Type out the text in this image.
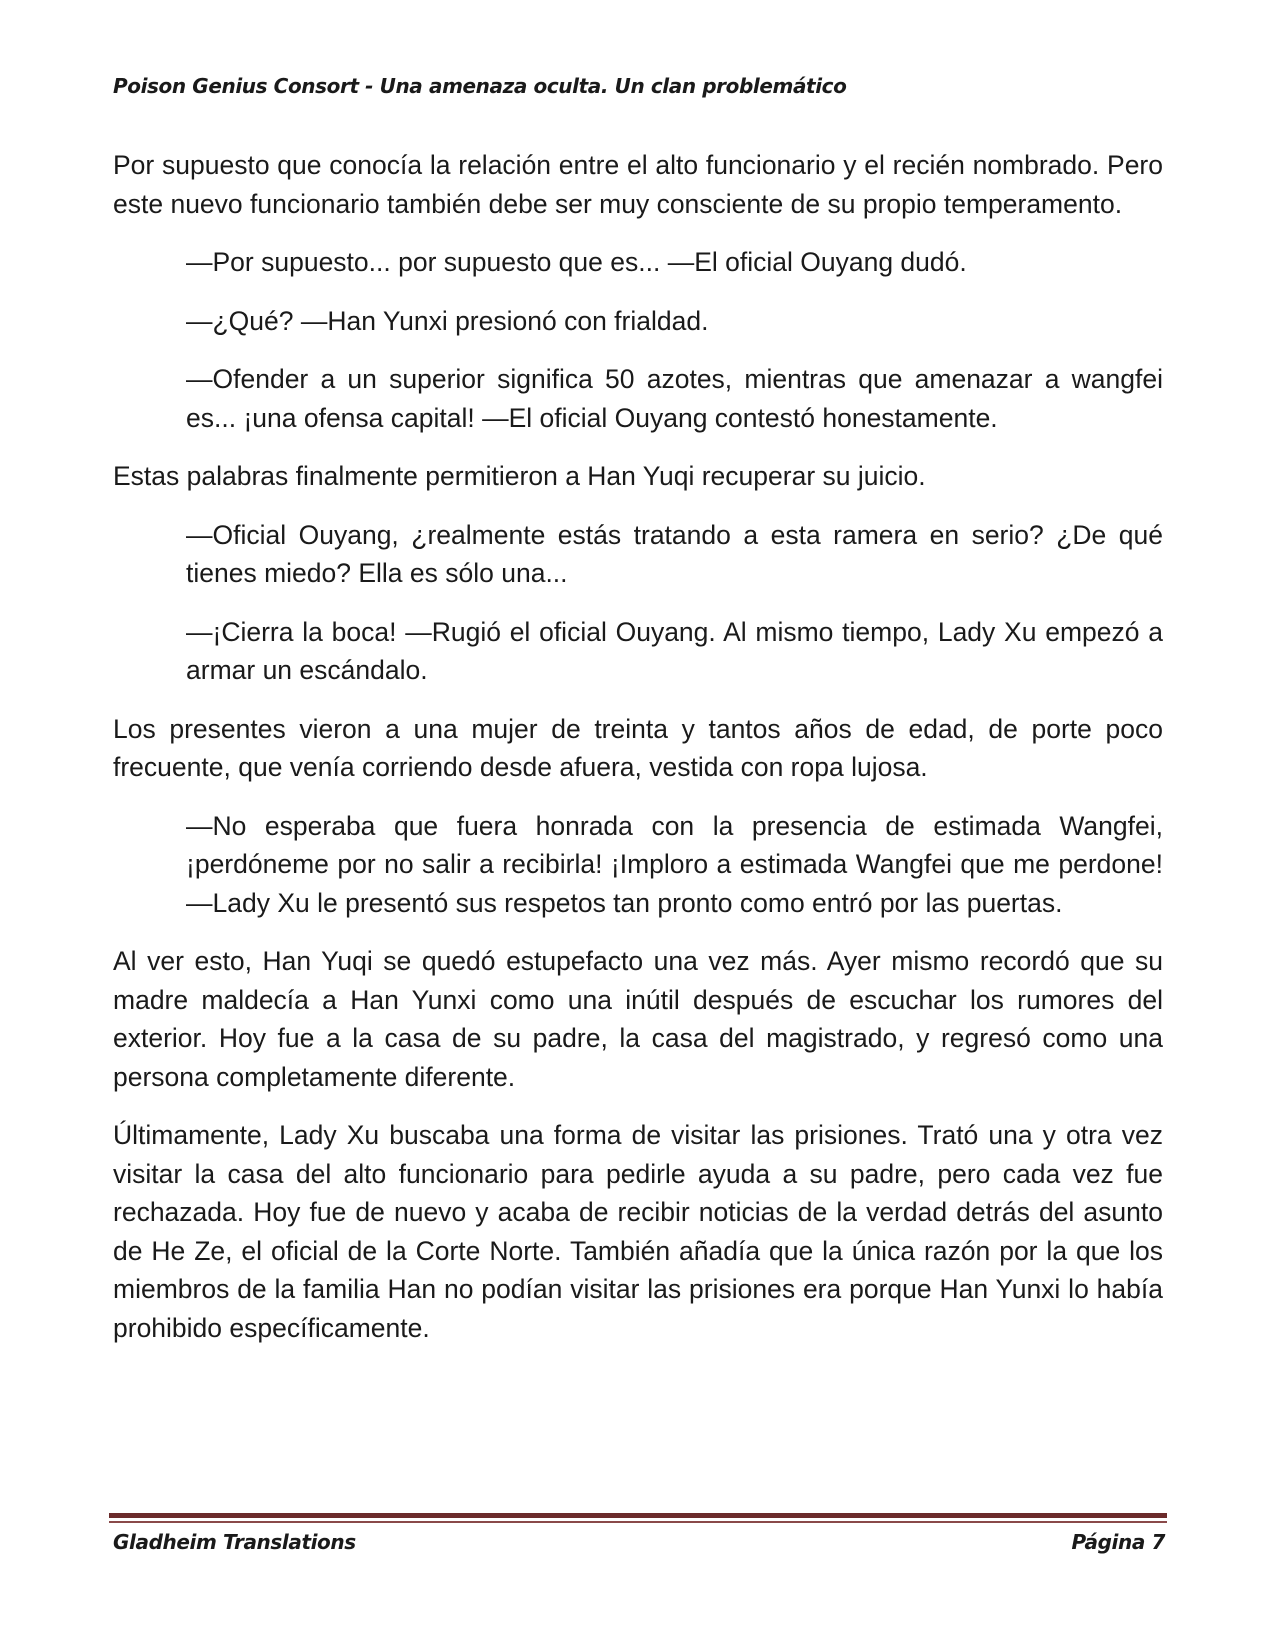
Poison Genius Consort - Una amenaza oculta. Un clan problemático

Por supuesto que conocía la relación entre el alto funcionario y el recién nombrado. Pero este nuevo funcionario también debe ser muy consciente de su propio temperamento.

—Por supuesto... por supuesto que es... —El oficial Ouyang dudó.

—¿Qué? —Han Yunxi presionó con frialdad.

—Ofender a un superior significa 50 azotes, mientras que amenazar a wangfei es... ¡una ofensa capital! —El oficial Ouyang contestó honestamente.

Estas palabras finalmente permitieron a Han Yuqi recuperar su juicio.

—Oficial Ouyang, ¿realmente estás tratando a esta ramera en serio? ¿De qué tienes miedo? Ella es sólo una...

—¡Cierra la boca! —Rugió el oficial Ouyang. Al mismo tiempo, Lady Xu empezó a armar un escándalo.

Los presentes vieron a una mujer de treinta y tantos años de edad, de porte poco frecuente, que venía corriendo desde afuera, vestida con ropa lujosa.

—No esperaba que fuera honrada con la presencia de estimada Wangfei, ¡perdóneme por no salir a recibirla! ¡Imploro a estimada Wangfei que me perdone! —Lady Xu le presentó sus respetos tan pronto como entró por las puertas.

Al ver esto, Han Yuqi se quedó estupefacto una vez más. Ayer mismo recordó que su madre maldecía a Han Yunxi como una inútil después de escuchar los rumores del exterior. Hoy fue a la casa de su padre, la casa del magistrado, y regresó como una persona completamente diferente.

Últimamente, Lady Xu buscaba una forma de visitar las prisiones. Trató una y otra vez visitar la casa del alto funcionario para pedirle ayuda a su padre, pero cada vez fue rechazada. Hoy fue de nuevo y acaba de recibir noticias de la verdad detrás del asunto de He Ze, el oficial de la Corte Norte. También añadía que la única razón por la que los miembros de la familia Han no podían visitar las prisiones era porque Han Yunxi lo había prohibido específicamente.

Gladheim Translations	Página 7
